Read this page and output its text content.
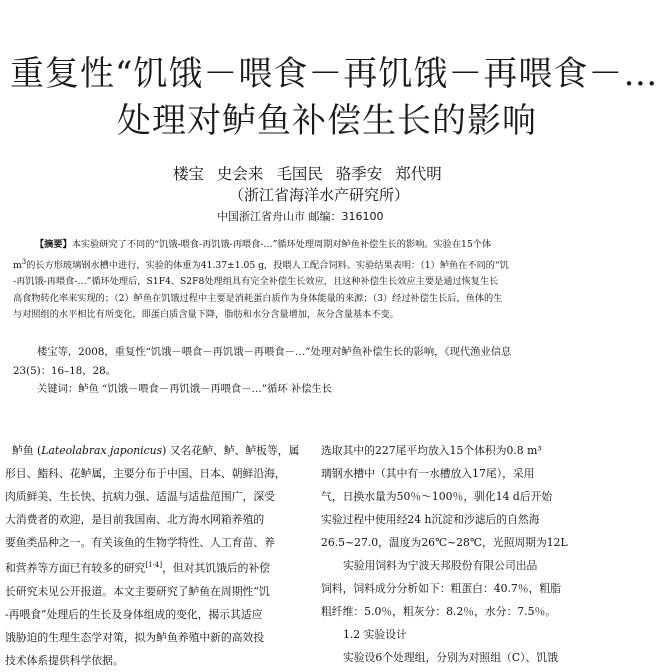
重复性“饥饿－喂食－再饥饿－再喂食－…
处理对鲈鱼补偿生长的影响
楼宝 史会来 毛国民 骆季安 郑代明
（浙江省海洋水产研究所）
中国浙江省舟山市 邮编：316100
【摘要】本实验研究了不同的“饥饿-喂食-再饥饿-再喂食-…”循环处理周期对鲈鱼补偿生长的影响。实验在15个体
$m^3$的长方形玻璃钢水槽中进行，实验的体重为41.37±1.05 g，投喂人工配合饲料。实验结果表明：（1）鲈鱼在不同的“饥
-再饥饿-再喂食-…”循环处理后，S1F4、S2F8处理组具有完全补偿生长效应，且这种补偿生长效应主要是通过恢复生长
高食物转化率来实现的；（2）鲈鱼在饥饿过程中主要是消耗蛋白质作为身体能量的来源；（3）经过补偿生长后，鱼体的生
与对照组的水平相比有所变化，即蛋白质含量下降，脂肪和水分含量增加，灰分含量基本不变。
楼宝等，2008，重复性“饥饿－喂食－再饥饿－再喂食－…”处理对鲈鱼补偿生长的影响，《现代渔业信息
23(5)：16–18，28。
关键词：鲈鱼 “饥饿－喂食－再饥饿－再喂食－…”循环 补偿生长
鲈鱼 (Lateolabrax japonicus) 又名花鲈、鲈、鲈板等，属
形目、鮨科、花鲈属，主要分布于中国、日本、朝鲜沿海，
肉质鲜美、生长快、抗病力强、适温与适盐范围广，深受
大消费者的欢迎，是目前我国南、北方海水网箱养殖的
要鱼类品种之一。有关该鱼的生物学特性、人工育苗、养
和营养等方面已有较多的研究[1-4]，但对其饥饿后的补偿
长研究未见公开报道。本文主要研究了鲈鱼在周期性“饥
-再喂食”处理后的生长及身体组成的变化，揭示其适应
饿胁迫的生理生态学对策，拟为鲈鱼养殖中新的高效投
技术体系提供科学依据。
选取其中的227尾平均放入15个体积为0.8 m³
璃钢水槽中（其中有一水槽放入17尾），采用
气，日换水量为50％～100％，驯化14 d后开始
实验过程中使用经24 h沉淀和沙滤后的自然海
26.5~27.0，温度为26℃~28℃，光照周期为12L
实验用饲料为宁波天邦股份有限公司出品
饲料，饲料成分分析如下：粗蛋白：40.7％，粗脂
粗纤维：5.0％，粗灰分：8.2％，水分：7.5％。
1.2 实验设计
实验设6个处理组，分别为对照组（C）、饥饿
